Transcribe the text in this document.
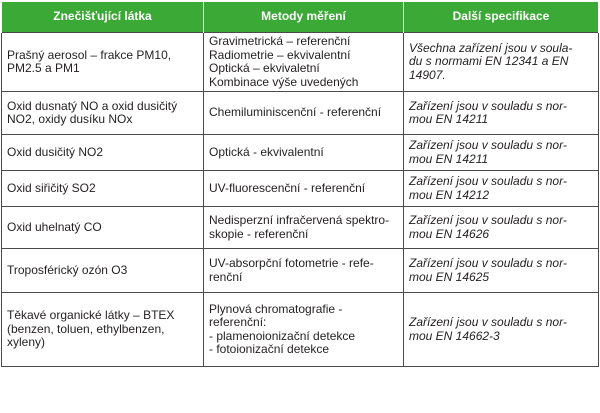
Znečišťující látka	Metody měření	Další specifikace

Prašný aerosol – frakce PM10,
PM2.5 a PM1	Gravimetrická – referenční
Radiometrie – ekvivalentní
Optická – ekvivaletní
Kombinace výše uvedených	Všechna zařízení jsou v soula-
du s normami EN 12341 a EN
14907.

Oxid dusnatý NO a oxid dusičitý
NO2, oxidy dusíku NOx	Chemiluminiscenční - referenční	Zařízení jsou v souladu s nor-
mou EN 14211

Oxid dusičitý NO2	Optická - ekvivalentní	Zařízení jsou v souladu s nor-
mou EN 14211

Oxid siřičitý SO2	UV-fluorescenční - referenční	Zařízení jsou v souladu s nor-
mou EN 14212

Oxid uhelnatý CO	Nedisperzní infračervená spektro-
skopie - referenční	Zařízení jsou v souladu s nor-
mou EN 14626

Troposférický ozón O3	UV-absorpční fotometrie - refe-
renční	Zařízení jsou v souladu s nor-
mou EN 14625

Těkavé organické látky – BTEX
(benzen, toluen, ethylbenzen,
xyleny)	Plynová chromatografie -
referenční:
- plamenoionizační detekce
- fotoionizační detekce	Zařízení jsou v souladu s nor-
mou EN 14662-3
